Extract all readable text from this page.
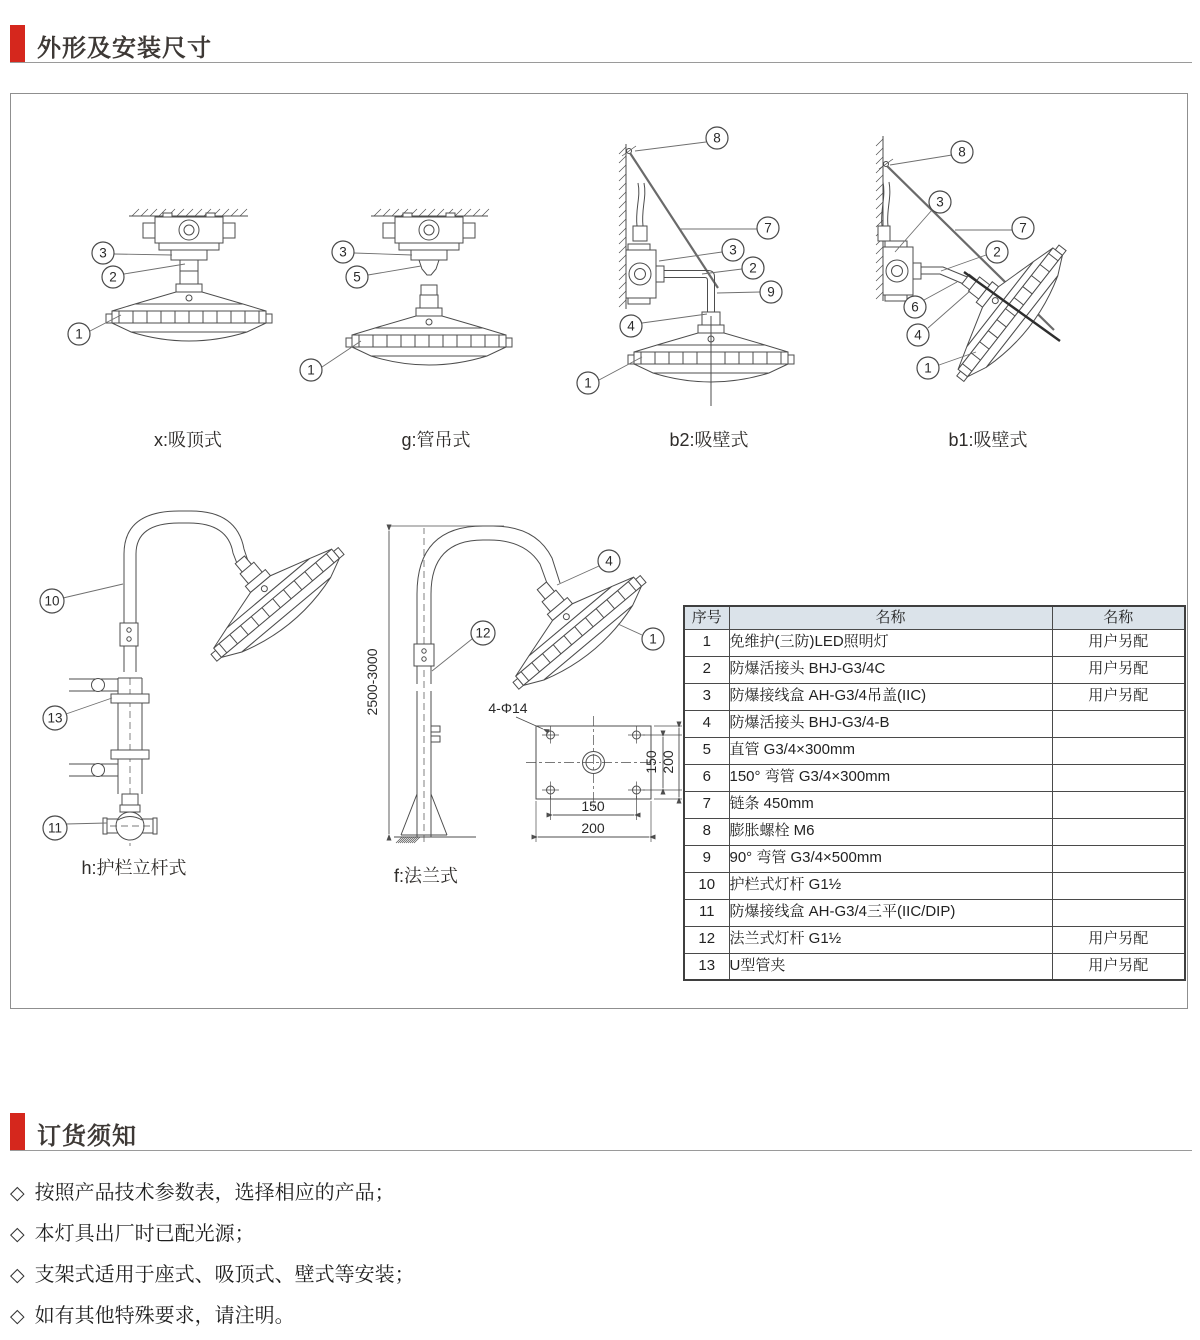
外形及安装尺寸
3
2
1
x:吸顶式
3
5
1
g:管吊式
8
7
3
2
9
4
1
b2:吸壁式
8
3
7
2
6
4
1
b1:吸壁式
10
13
11
h:护栏立杆式
2500-3000
12
4
1
f:法兰式
4-Φ14
150 200
150
200
序号	名称	名称
1	免维护(三防)LED照明灯	用户另配
2	防爆活接头 BHJ-G3/4C	用户另配
3	防爆接线盒 AH-G3/4吊盖(IIC)	用户另配
4	防爆活接头 BHJ-G3/4-B	
5	直管 G3/4×300mm	
6	150° 弯管 G3/4×300mm	
7	链条 450mm	
8	膨胀螺栓 M6	
9	90° 弯管 G3/4×500mm	
10	护栏式灯杆 G1½	
11	防爆接线盒 AH-G3/4三平(IIC/DIP)	
12	法兰式灯杆 G1½	用户另配
13	U型管夹	用户另配
订货须知
◇ 按照产品技术参数表，选择相应的产品；
◇ 本灯具出厂时已配光源；
◇ 支架式适用于座式、吸顶式、壁式等安装；
◇ 如有其他特殊要求，请注明。
